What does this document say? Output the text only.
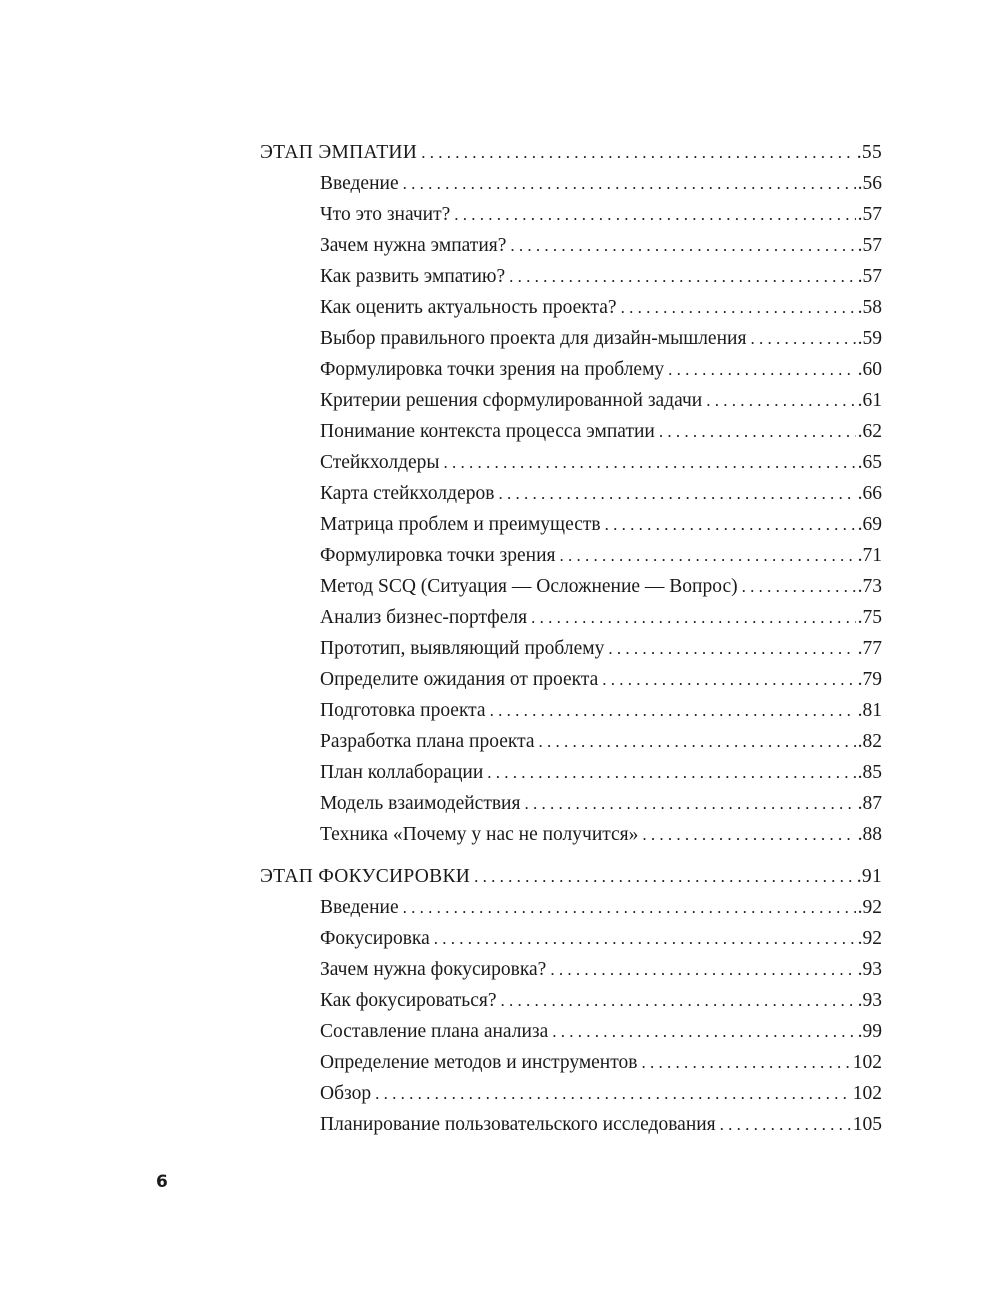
ЭТАП ЭМПАТИИ . . .	.55
Введение . . .	.56
Что это значит? . . .	.57
Зачем нужна эмпатия? . . .	.57
Как развить эмпатию? . . .	.57
Как оценить актуальность проекта? . . .	.58
Выбор правильного проекта для дизайн-мышления . . .	.59
Формулировка точки зрения на проблему . . .	.60
Критерии решения сформулированной задачи . . .	.61
Понимание контекста процесса эмпатии . . .	.62
Стейкхолдеры . . .	.65
Карта стейкхолдеров . . .	.66
Матрица проблем и преимуществ . . .	.69
Формулировка точки зрения . . .	.71
Метод SCQ (Ситуация — Осложнение — Вопрос) . . .	.73
Анализ бизнес-портфеля . . .	.75
Прототип, выявляющий проблему . . .	.77
Определите ожидания от проекта . . .	.79
Подготовка проекта . . .	.81
Разработка плана проекта . . .	.82
План коллаборации . . .	.85
Модель взаимодействия . . .	.87
Техника «Почему у нас не получится» . . .	.88
ЭТАП ФОКУСИРОВКИ . . .	.91
Введение . . .	.92
Фокусировка . . .	.92
Зачем нужна фокусировка? . . .	.93
Как фокусироваться? . . .	.93
Составление плана анализа . . .	.99
Определение методов и инструментов . . .	102
Обзор . . .	102
Планирование пользовательского исследования . . .	105
6
